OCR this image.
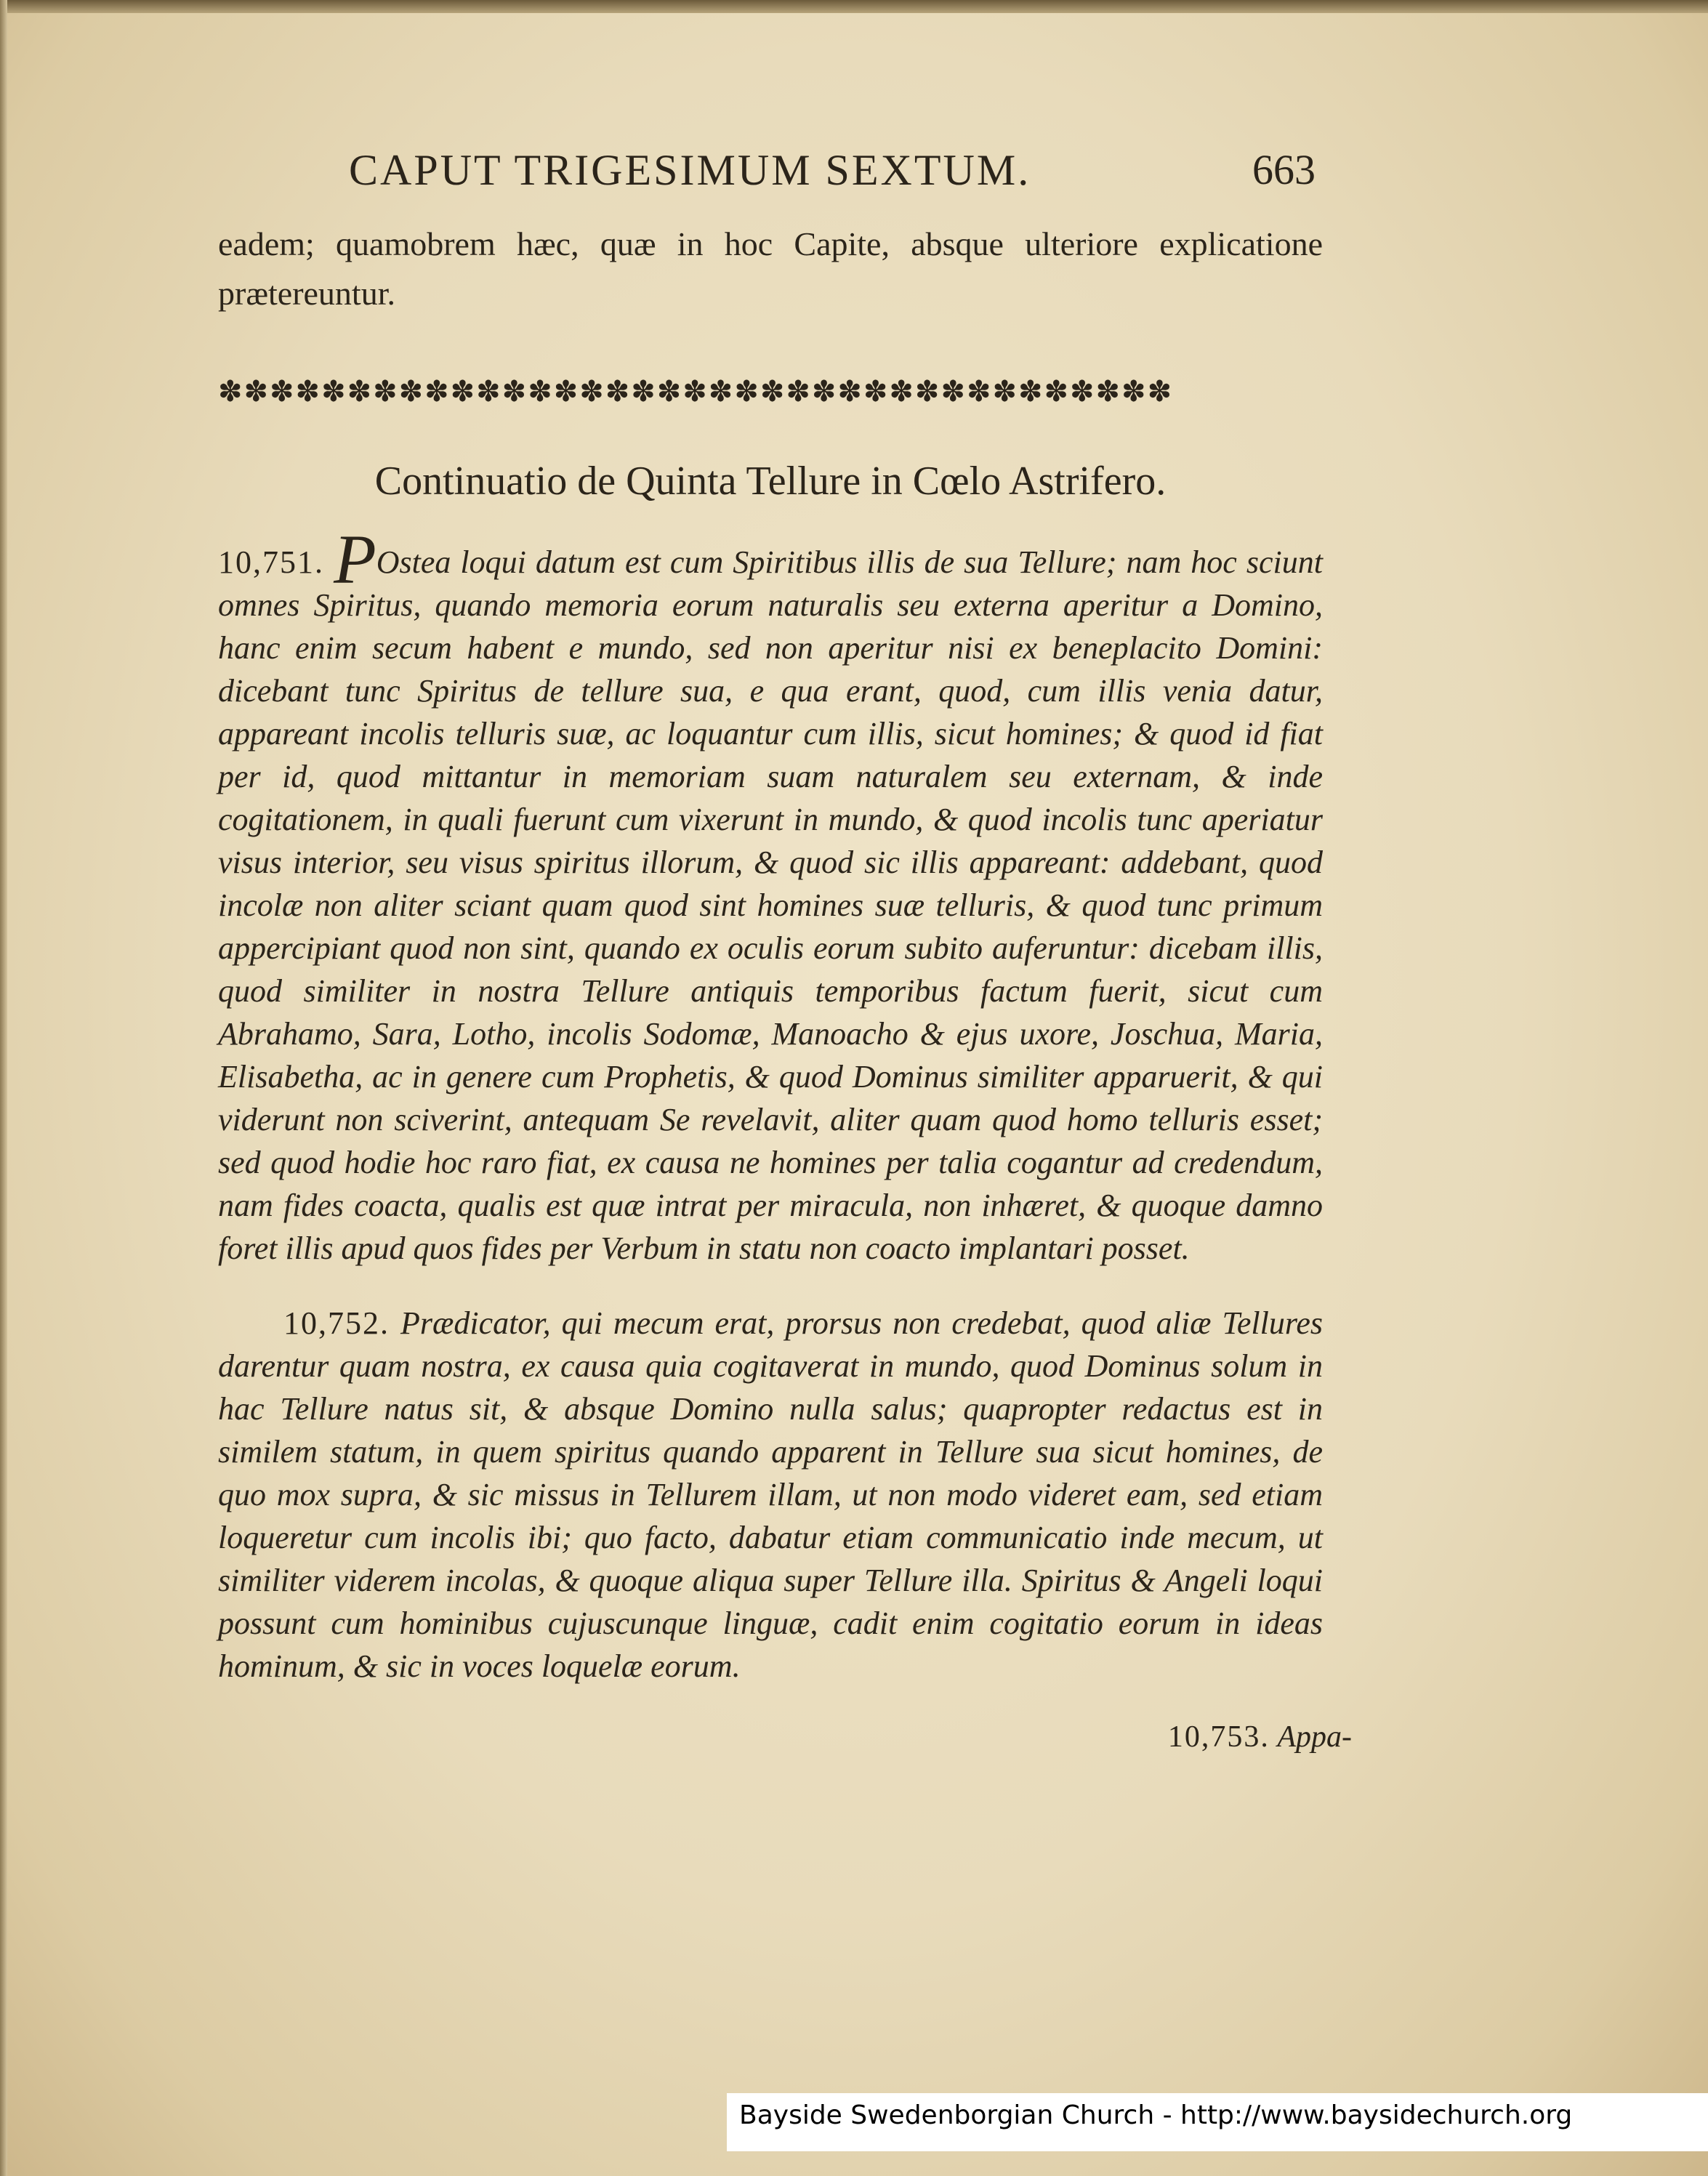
CAPUT TRIGESIMUM SEXTUM.	663
eadem; quamobrem hæc, quæ in hoc Capite, absque ulteriore explicatione prætereuntur.
✽✽✽✽✽✽✽✽✽✽✽✽✽✽✽✽✽✽✽✽✽✽✽✽✽✽✽✽✽✽✽✽✽✽✽✽✽
Continuatio de Quinta Tellure in Cœlo Astrifero.

10,751. POstea loqui datum est cum Spiritibus illis de sua Tellure; nam hoc sciunt omnes Spiritus, quando memoria eorum naturalis seu externa aperitur a Domino, hanc enim secum habent e mundo, sed non aperitur nisi ex beneplacito Domini: dicebant tunc Spiritus de tellure sua, e qua erant, quod, cum illis venia datur, appareant incolis telluris suæ, ac loquantur cum illis, sicut homines; & quod id fiat per id, quod mittantur in memoriam suam naturalem seu externam, & inde cogitationem, in quali fuerunt cum vixerunt in mundo, & quod incolis tunc aperiatur visus interior, seu visus spiritus illorum, & quod sic illis appareant: addebant, quod incolæ non aliter sciant quam quod sint homines suæ telluris, & quod tunc primum appercipiant quod non sint, quando ex oculis eorum subito auferuntur: dicebam illis, quod similiter in nostra Tellure antiquis temporibus factum fuerit, sicut cum Abrahamo, Sara, Lotho, incolis Sodomæ, Manoacho & ejus uxore, Joschua, Maria, Elisabetha, ac in genere cum Prophetis, & quod Dominus similiter apparuerit, & qui viderunt non sciverint, antequam Se revelavit, aliter quam quod homo telluris esset; sed quod hodie hoc raro fiat, ex causa ne homines per talia cogantur ad credendum, nam fides coacta, qualis est quæ intrat per miracula, non inhæret, & quoque damno foret illis apud quos fides per Verbum in statu non coacto implantari posset.

10,752. Prædicator, qui mecum erat, prorsus non credebat, quod aliæ Tellures darentur quam nostra, ex causa quia cogitaverat in mundo, quod Dominus solum in hac Tellure natus sit, & absque Domino nulla salus; quapropter redactus est in similem statum, in quem spiritus quando apparent in Tellure sua sicut homines, de quo mox supra, & sic missus in Tellurem illam, ut non modo videret eam, sed etiam loqueretur cum incolis ibi; quo facto, dabatur etiam communicatio inde mecum, ut similiter viderem incolas, & quoque aliqua super Tellure illa. Spiritus & Angeli loqui possunt cum hominibus cujuscunque linguæ, cadit enim cogitatio eorum in ideas hominum, & sic in voces loquelæ eorum.

10,753. Appa-
Bayside Swedenborgian Church - http://www.baysidechurch.org
